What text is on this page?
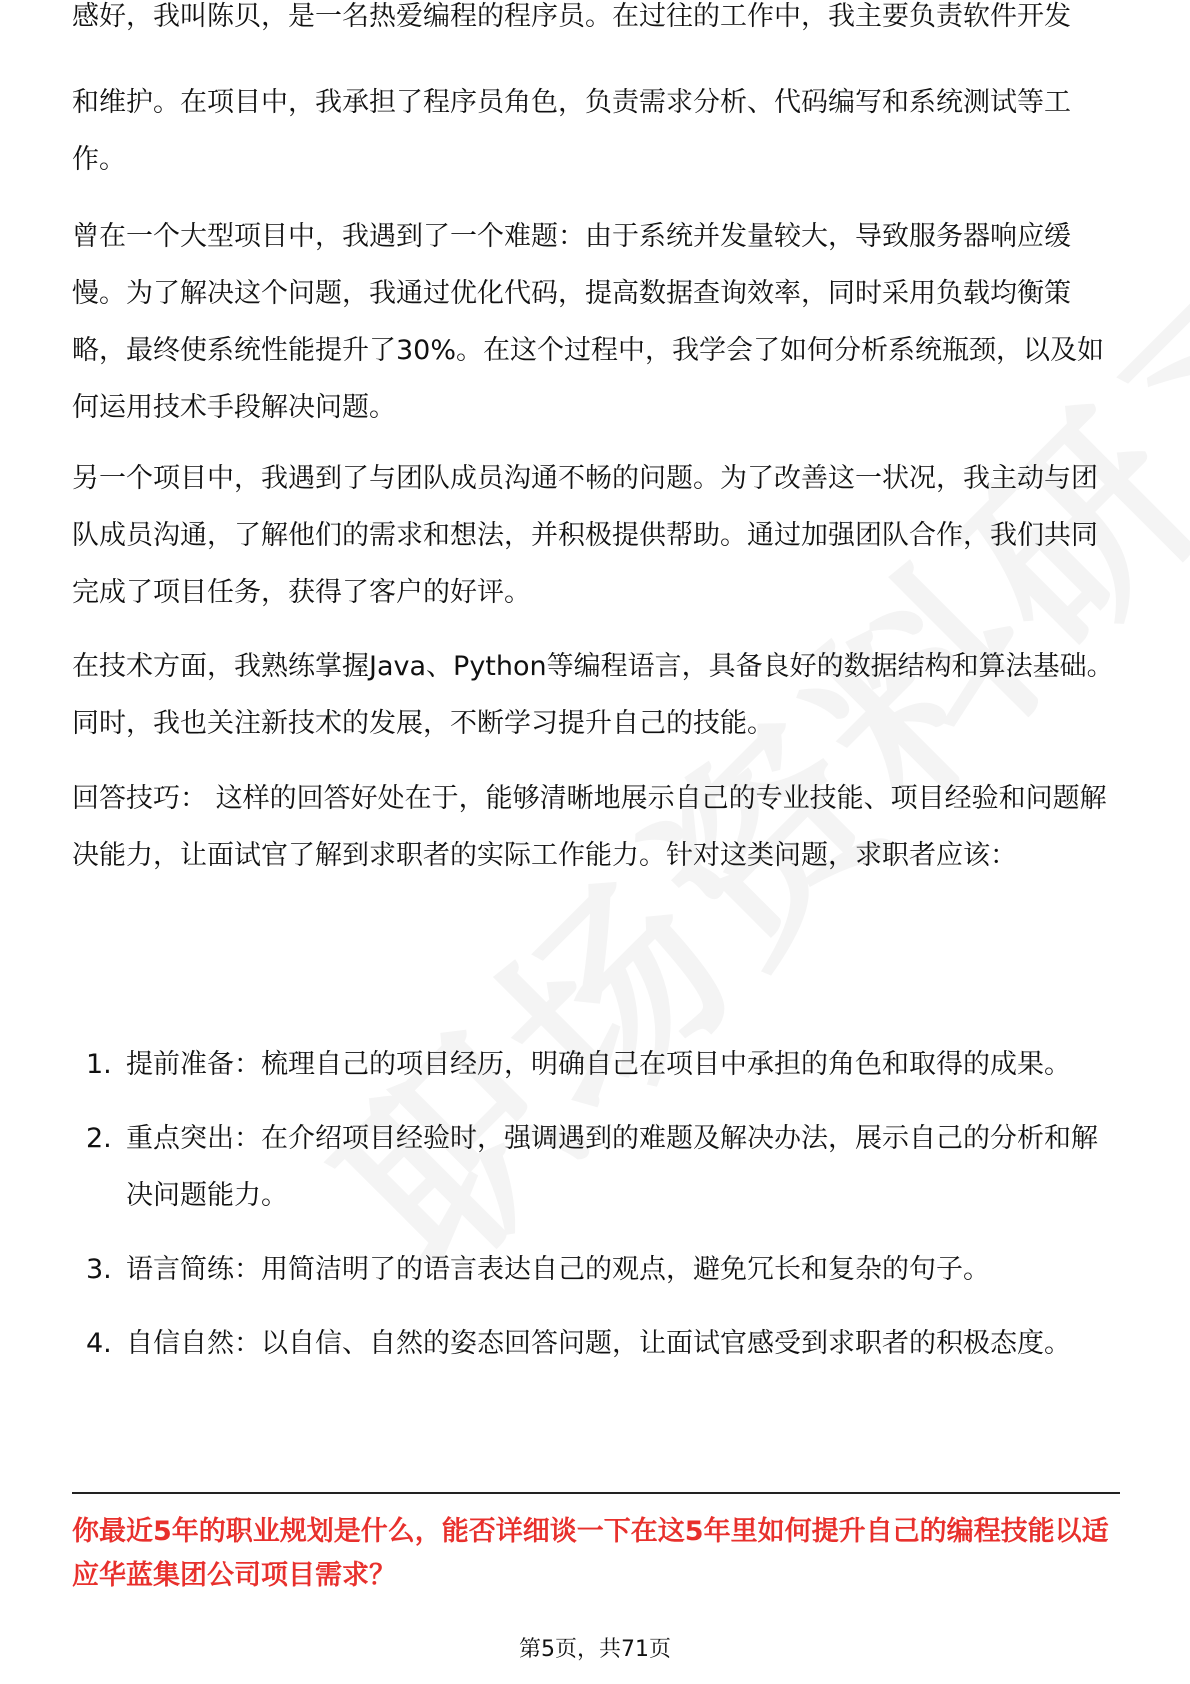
感好，我叫陈贝，是一名热爱编程的程序员。在过往的工作中，我主要负责软件开发

和维护。在项目中，我承担了程序员角色，负责需求分析、代码编写和系统测试等工作。

曾在一个大型项目中，我遇到了一个难题：由于系统并发量较大，导致服务器响应缓慢。为了解决这个问题，我通过优化代码，提高数据查询效率，同时采用负载均衡策略，最终使系统性能提升了30%。在这个过程中，我学会了如何分析系统瓶颈，以及如何运用技术手段解决问题。

另一个项目中，我遇到了与团队成员沟通不畅的问题。为了改善这一状况，我主动与团队成员沟通，了解他们的需求和想法，并积极提供帮助。通过加强团队合作，我们共同完成了项目任务，获得了客户的好评。

在技术方面，我熟练掌握Java、Python等编程语言，具备良好的数据结构和算法基础。同时，我也关注新技术的发展，不断学习提升自己的技能。

回答技巧： 这样的回答好处在于，能够清晰地展示自己的专业技能、项目经验和问题解决能力，让面试官了解到求职者的实际工作能力。针对这类问题，求职者应该：

1. 提前准备：梳理自己的项目经历，明确自己在项目中承担的角色和取得的成果。
2. 重点突出：在介绍项目经验时，强调遇到的难题及解决办法，展示自己的分析和解决问题能力。
3. 语言简练：用简洁明了的语言表达自己的观点，避免冗长和复杂的句子。
4. 自信自然：以自信、自然的姿态回答问题，让面试官感受到求职者的积极态度。
你最近5年的职业规划是什么，能否详细谈一下在这5年里如何提升自己的编程技能以适应华蓝集团公司项目需求？
第5页，共71页
